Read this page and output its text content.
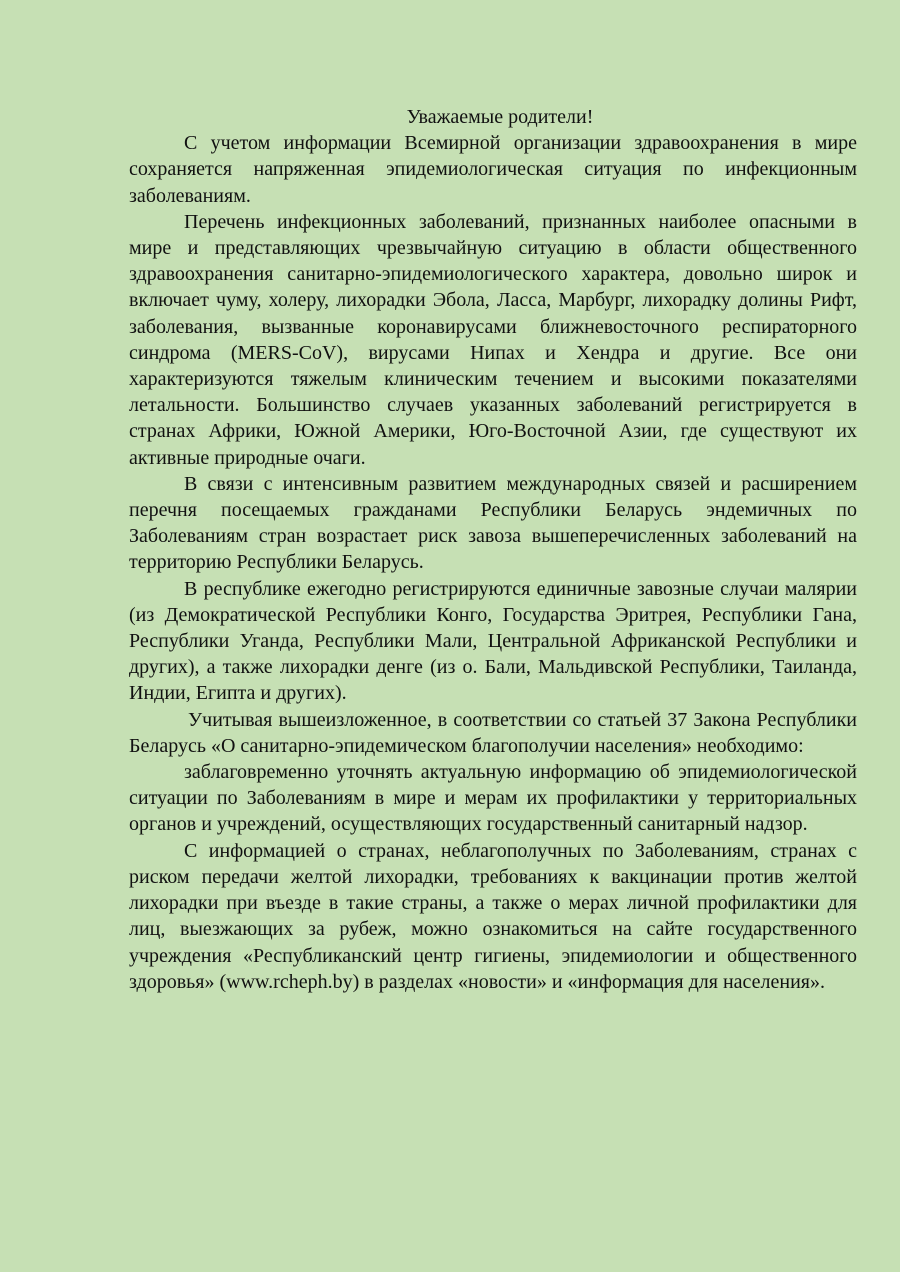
Уважаемые родители!

С учетом информации Всемирной организации здравоохранения в мире сохраняется напряженная эпидемиологическая ситуация по инфекционным заболеваниям.

Перечень инфекционных заболеваний, признанных наиболее опасными в мире и представляющих чрезвычайную ситуацию в области общественного здравоохранения санитарно-эпидемиологического характера, довольно широк и включает чуму, холеру, лихорадки Эбола, Ласса, Марбург, лихорадку долины Рифт, заболевания, вызванные коронавирусами ближневосточного респираторного синдрома (MERS-CoV), вирусами Нипах и Хендра и другие. Все они характеризуются тяжелым клиническим течением и высокими показателями летальности. Большинство случаев указанных заболеваний регистрируется в странах Африки, Южной Америки, Юго-Восточной Азии, где существуют их активные природные очаги.

В связи с интенсивным развитием международных связей и расширением перечня посещаемых гражданами Республики Беларусь эндемичных по Заболеваниям стран возрастает риск завоза вышеперечисленных заболеваний на территорию Республики Беларусь.

В республике ежегодно регистрируются единичные завозные случаи малярии (из Демократической Республики Конго, Государства Эритрея, Республики Гана, Республики Уганда, Республики Мали, Центральной Африканской Республики и других), а также лихорадки денге (из о. Бали, Мальдивской Республики, Таиланда, Индии, Египта и других).

Учитывая вышеизложенное, в соответствии со статьей 37 Закона Республики Беларусь «О санитарно-эпидемическом благополучии населения» необходимо:

заблаговременно уточнять актуальную информацию об эпидемиологической ситуации по Заболеваниям в мире и мерам их профилактики у территориальных органов и учреждений, осуществляющих государственный санитарный надзор.

С информацией о странах, неблагополучных по Заболеваниям, странах с риском передачи желтой лихорадки, требованиях к вакцинации против желтой лихорадки при въезде в такие страны, а также о мерах личной профилактики для лиц, выезжающих за рубеж, можно ознакомиться на сайте государственного учреждения «Республиканский центр гигиены, эпидемиологии и общественного здоровья» (www.rcheph.by) в разделах «новости» и «информация для населения».
